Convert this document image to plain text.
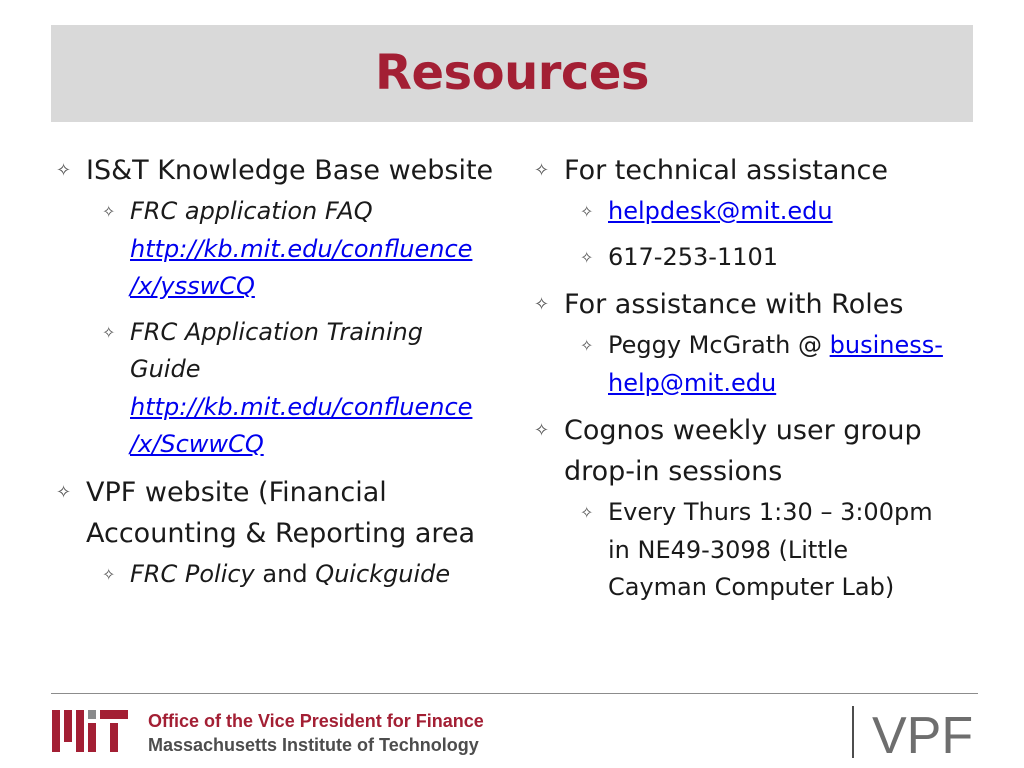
Resources
✧ IS&T Knowledge Base website
✧ FRC application FAQ
http://kb.mit.edu/confluence
/x/ysswCQ
✧ FRC Application Training
Guide
http://kb.mit.edu/confluence
/x/ScwwCQ
✧ VPF website (Financial
Accounting & Reporting area
✧ FRC Policy and Quickguide
✧ For technical assistance
✧ helpdesk@mit.edu
✧ 617-253-1101
✧ For assistance with Roles
✧ Peggy McGrath @ business-
help@mit.edu
✧ Cognos weekly user group
drop-in sessions
✧ Every Thurs 1:30 – 3:00pm
in NE49-3098 (Little
Cayman Computer Lab)
Office of the Vice President for Finance
Massachusetts Institute of Technology	VPF
